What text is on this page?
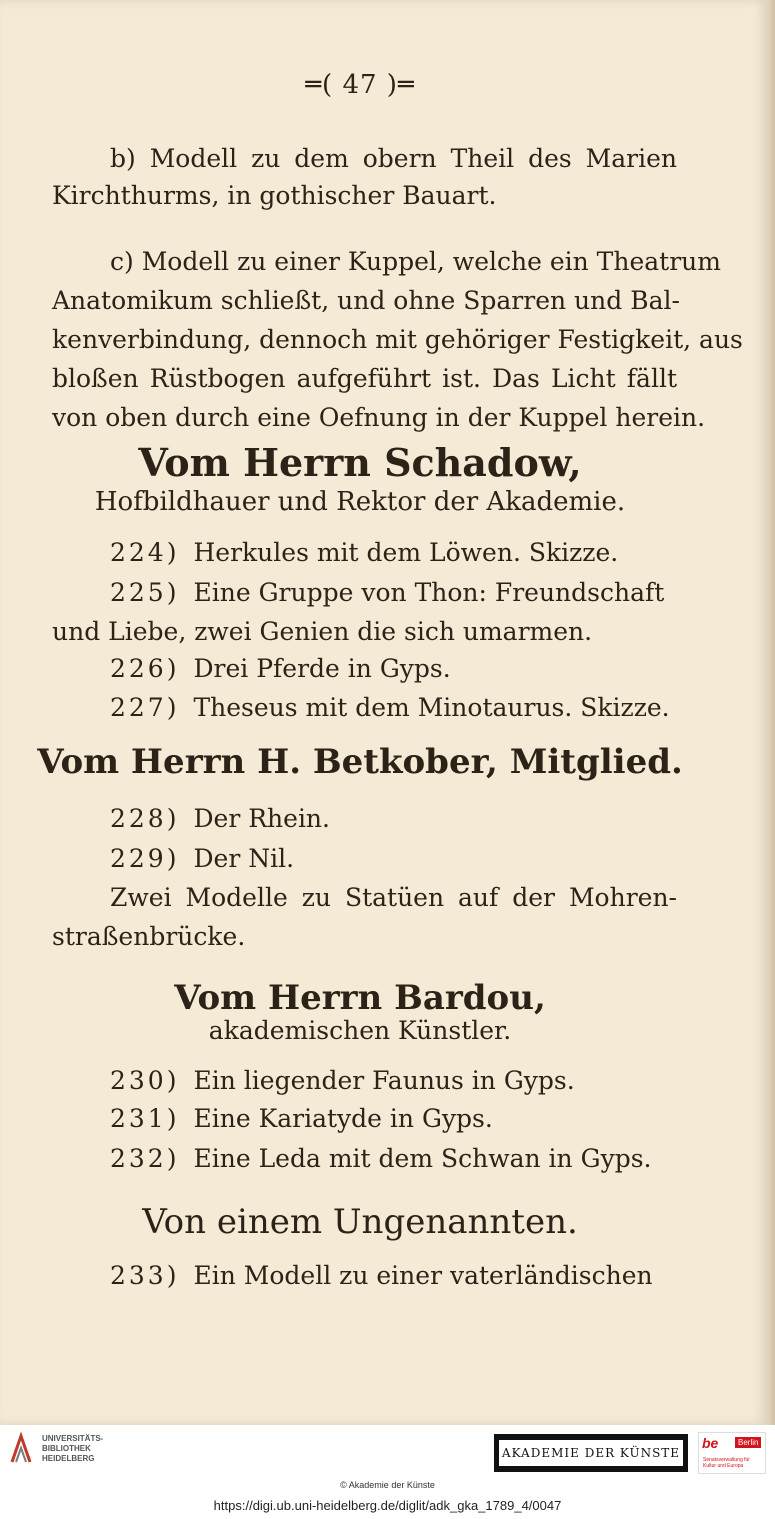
═( 47 )═
b) Modell zu dem obern Theil des Marien
Kirchthurms, in gothischer Bauart.
c) Modell zu einer Kuppel, welche ein Theatrum
Anatomikum schließt, und ohne Sparren und Bal-
kenverbindung, dennoch mit gehöriger Festigkeit, aus
bloßen Rüstbogen aufgeführt ist. Das Licht fällt
von oben durch eine Oefnung in der Kuppel herein.
Vom Herrn Schadow,
Hofbildhauer und Rektor der Akademie.
224) Herkules mit dem Löwen. Skizze.
225) Eine Gruppe von Thon: Freundschaft
und Liebe, zwei Genien die sich umarmen.
226) Drei Pferde in Gyps.
227) Theseus mit dem Minotaurus. Skizze.
Vom Herrn H. Betkober, Mitglied.
228) Der Rhein.
229) Der Nil.
Zwei Modelle zu Statüen auf der Mohren-
straßenbrücke.
Vom Herrn Bardou,
akademischen Künstler.
230) Ein liegender Faunus in Gyps.
231) Eine Kariatyde in Gyps.
232) Eine Leda mit dem Schwan in Gyps.
Von einem Ungenannten.
233) Ein Modell zu einer vaterländischen
UNIVERSITÄTS- BIBLIOTHEK HEIDELBERG	AKADEMIE DER KÜNSTE
be	Berlin
Senatsverwaltung für Kultur und Europa
© Akademie der Künste
https://digi.ub.uni-heidelberg.de/diglit/adk_gka_1789_4/0047
